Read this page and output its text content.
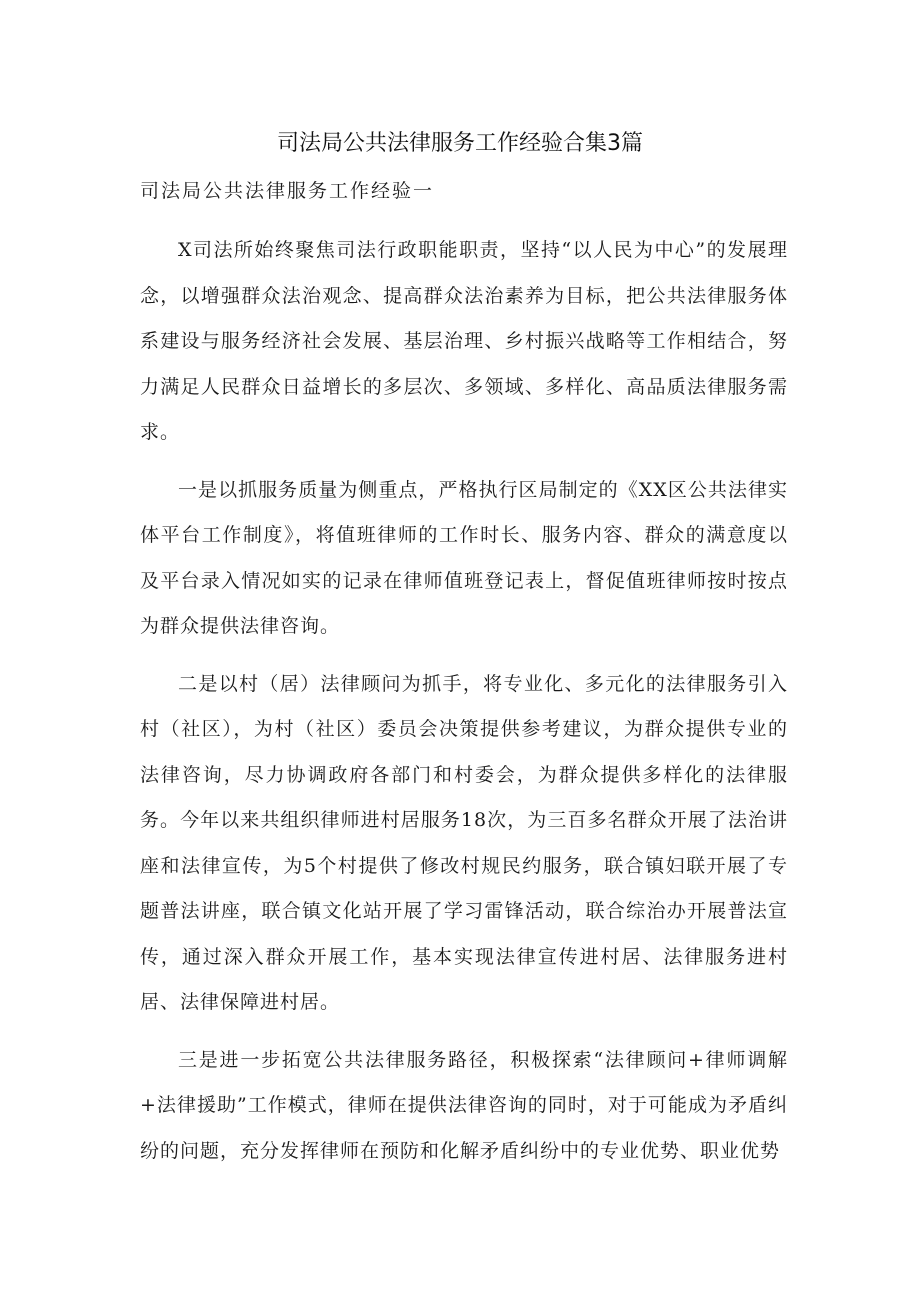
司法局公共法律服务工作经验合集3篇
司法局公共法律服务工作经验一

X司法所始终聚焦司法行政职能职责，坚持“以人民为中心”的发展理念，以增强群众法治观念、提高群众法治素养为目标，把公共法律服务体系建设与服务经济社会发展、基层治理、乡村振兴战略等工作相结合，努力满足人民群众日益增长的多层次、多领域、多样化、高品质法律服务需求。

一是以抓服务质量为侧重点，严格执行区局制定的《XX区公共法律实体平台工作制度》，将值班律师的工作时长、服务内容、群众的满意度以及平台录入情况如实的记录在律师值班登记表上，督促值班律师按时按点为群众提供法律咨询。

二是以村（居）法律顾问为抓手，将专业化、多元化的法律服务引入村（社区），为村（社区）委员会决策提供参考建议，为群众提供专业的法律咨询，尽力协调政府各部门和村委会，为群众提供多样化的法律服务。今年以来共组织律师进村居服务18次，为三百多名群众开展了法治讲座和法律宣传，为5个村提供了修改村规民约服务，联合镇妇联开展了专题普法讲座，联合镇文化站开展了学习雷锋活动，联合综治办开展普法宣传，通过深入群众开展工作，基本实现法律宣传进村居、法律服务进村居、法律保障进村居。

三是进一步拓宽公共法律服务路径，积极探索“法律顾问+律师调解+法律援助”工作模式，律师在提供法律咨询的同时，对于可能成为矛盾纠纷的问题，充分发挥律师在预防和化解矛盾纠纷中的专业优势、职业优势
